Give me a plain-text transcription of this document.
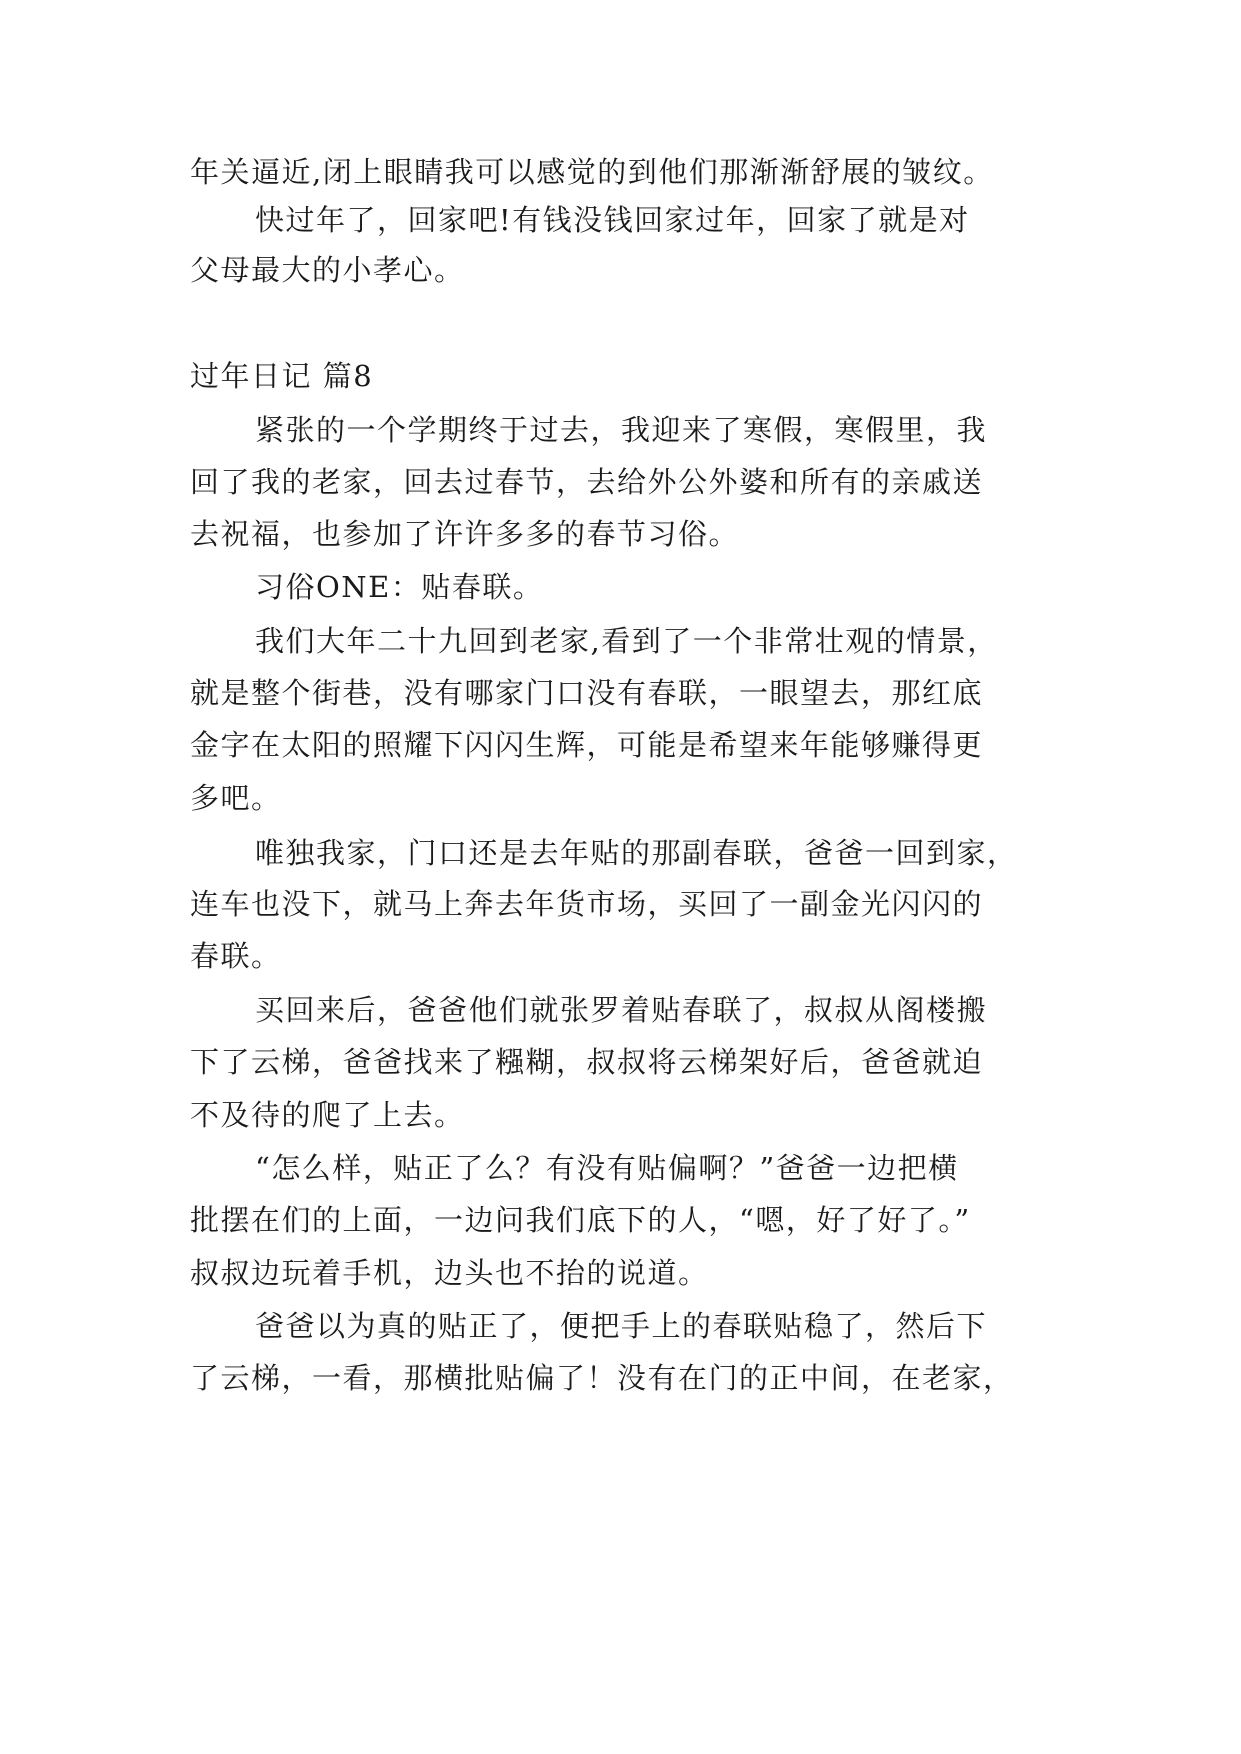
年关逼近,闭上眼睛我可以感觉的到他们那渐渐舒展的皱纹。

快过年了，回家吧!有钱没钱回家过年，回家了就是对

父母最大的小孝心。

过年日记 篇8

紧张的一个学期终于过去，我迎来了寒假，寒假里，我

回了我的老家，回去过春节，去给外公外婆和所有的亲戚送

去祝福，也参加了许许多多的春节习俗。

习俗ONE：贴春联。

我们大年二十九回到老家,看到了一个非常壮观的情景，

就是整个街巷，没有哪家门口没有春联，一眼望去，那红底

金字在太阳的照耀下闪闪生辉，可能是希望来年能够赚得更

多吧。

唯独我家，门口还是去年贴的那副春联，爸爸一回到家，

连车也没下，就马上奔去年货市场，买回了一副金光闪闪的

春联。

买回来后，爸爸他们就张罗着贴春联了，叔叔从阁楼搬

下了云梯，爸爸找来了糨糊，叔叔将云梯架好后，爸爸就迫

不及待的爬了上去。

“怎么样，贴正了么？有没有贴偏啊？”爸爸一边把横

批摆在们的上面，一边问我们底下的人，“嗯，好了好了。”

叔叔边玩着手机，边头也不抬的说道。

爸爸以为真的贴正了，便把手上的春联贴稳了，然后下

了云梯，一看，那横批贴偏了！没有在门的正中间，在老家，
